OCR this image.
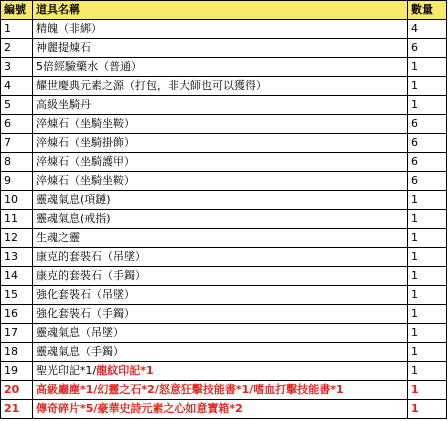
編號	道具名稱	數量
1	精魄（非綁）	4
2	神麗提煉石	6
3	5倍經驗藥水（普通）	1
4	耀世慶典元素之源（打包，非大師也可以獲得）	1
5	高級坐騎丹	1
6	淬煉石（坐騎坐鞍）	6
7	淬煉石（坐騎掛飾）	6
8	淬煉石（坐騎護甲）	6
9	淬煉石（坐騎坐鞍）	6
10	靈魂氣息(項鏈)	1
11	靈魂氣息(戒指)	1
12	生魂之靈	1
13	康克的套裝石（吊墜）	1
14	康克的套裝石（手鐲）	1
15	強化套裝石（吊墜）	1
16	強化套裝石（手鐲）	1
17	靈魂氣息（吊墜）	1
18	靈魂氣息（手鐲）	1
19	聖光印記*1/龍紋印記*1	1
20	高級廳塵*1/幻靈之石*2/怒意狂擊技能書*1/嗜血打擊技能書*1	1
21	傳奇碎片*5/豪華史詩元素之心如意寶箱*2	1
